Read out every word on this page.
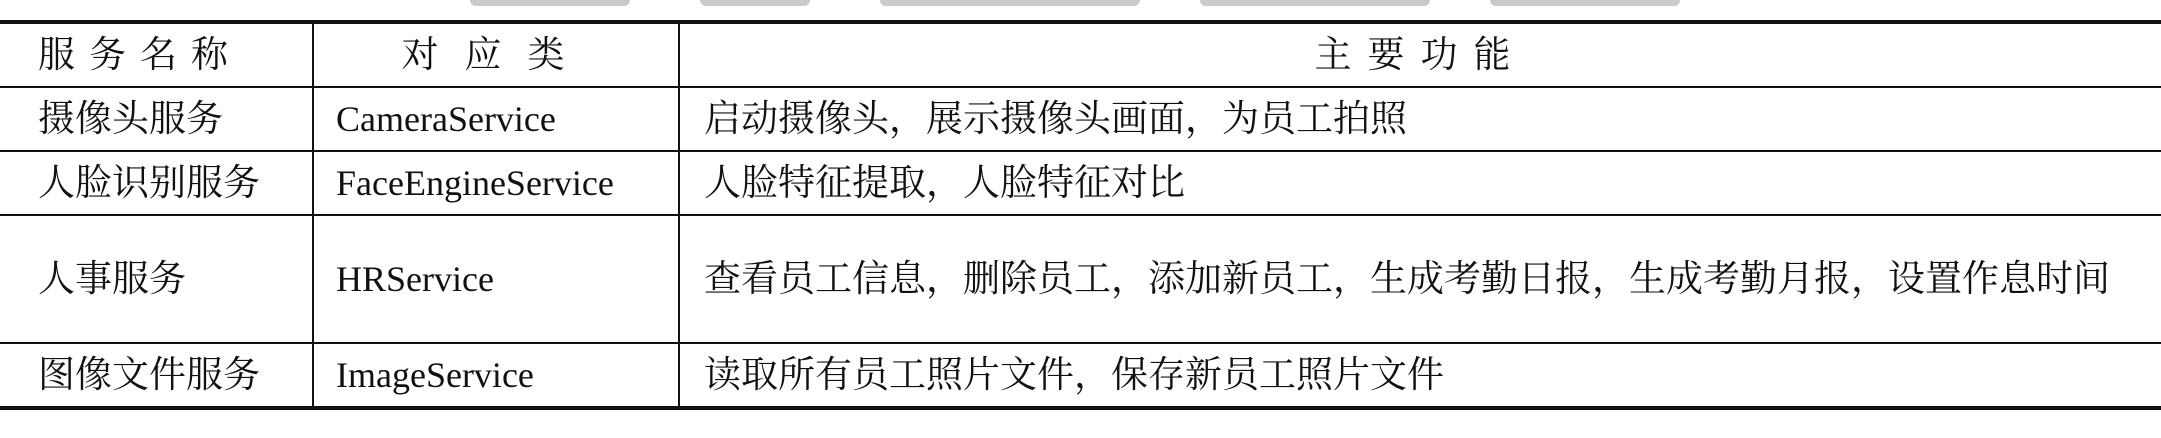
服务名称	对应类	主要功能
摄像头服务	CameraService	启动摄像头，展示摄像头画面，为员工拍照
人脸识别服务	FaceEngineService	人脸特征提取，人脸特征对比
人事服务	HRService	查看员工信息，删除员工，添加新员工，生成考勤日报，生成考勤月报，设置作息时间
图像文件服务	ImageService	读取所有员工照片文件，保存新员工照片文件
